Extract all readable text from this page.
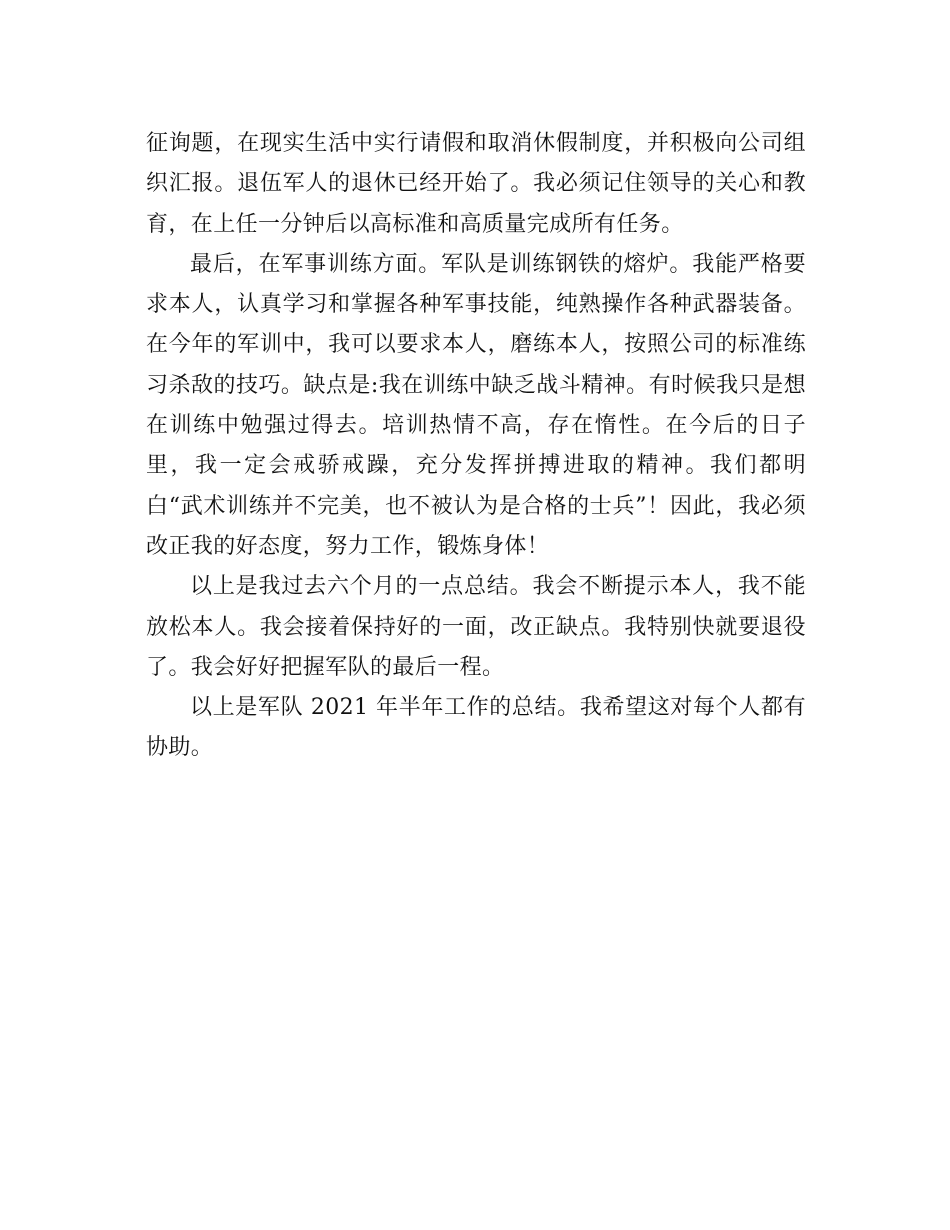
征询题，在现实生活中实行请假和取消休假制度，并积极向公司组织汇报。退伍军人的退休已经开始了。我必须记住领导的关心和教育，在上任一分钟后以高标准和高质量完成所有任务。

最后，在军事训练方面。军队是训练钢铁的熔炉。我能严格要求本人，认真学习和掌握各种军事技能，纯熟操作各种武器装备。在今年的军训中，我可以要求本人，磨练本人，按照公司的标准练习杀敌的技巧。缺点是:我在训练中缺乏战斗精神。有时候我只是想在训练中勉强过得去。培训热情不高，存在惰性。在今后的日子里，我一定会戒骄戒躁，充分发挥拼搏进取的精神。我们都明白“武术训练并不完美，也不被认为是合格的士兵”！因此，我必须改正我的好态度，努力工作，锻炼身体！

以上是我过去六个月的一点总结。我会不断提示本人，我不能放松本人。我会接着保持好的一面，改正缺点。我特别快就要退役了。我会好好把握军队的最后一程。

以上是军队 2021 年半年工作的总结。我希望这对每个人都有协助。
